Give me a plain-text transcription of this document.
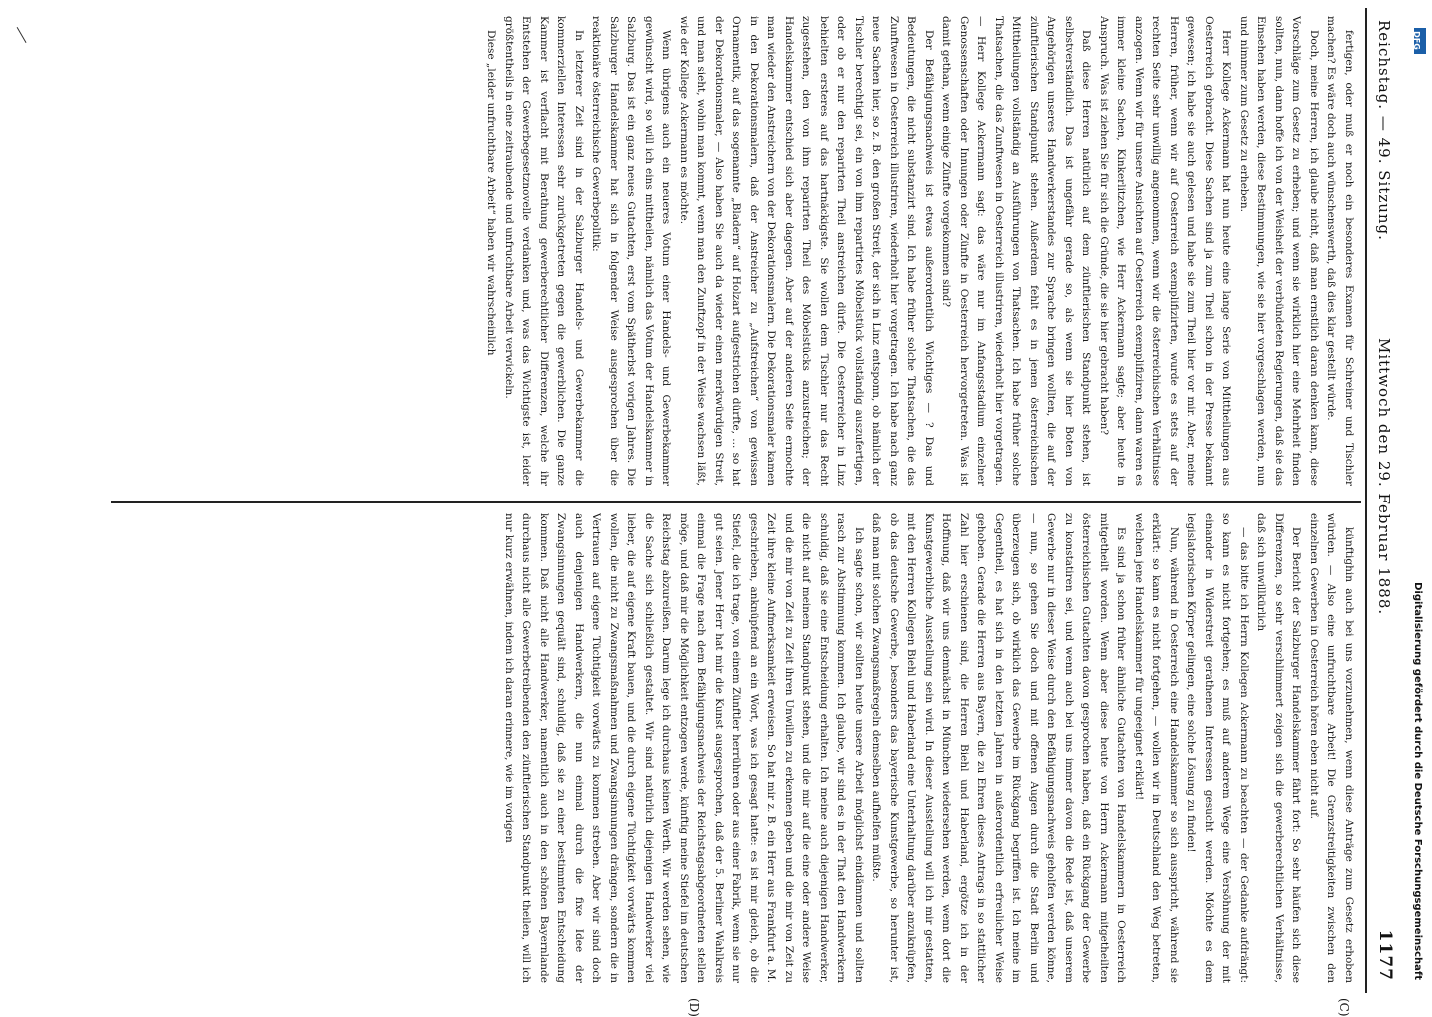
Reichstag. — 49. Sitzung.
Mittwoch den 29. Februar 1888.
1177
(C)
(D)

fertigen, oder muß er noch ein besonderes Examen für Schreiner und Tischler machen? Es wäre doch auch wünschenswerth, daß dies klar gestellt würde.

Doch, meine Herren, ich glaube nicht, daß man ernstlich daran denken kann, diese Vorschläge zum Gesetz zu erheben; und wenn sie wirklich hier eine Mehrheit finden sollten, nun, dann hoffe ich von der Weisheit der verbündeten Regierungen, daß sie das Einsehen haben werden, diese Bestimmungen, wie sie hier vorgeschlagen werden, nun und nimmer zum Gesetz zu erheben.

Herr Kollege Ackermann hat nun heute eine lange Serie von Mittheilungen aus Oesterreich gebracht. Diese Sachen sind ja zum Theil schon in der Presse bekannt gewesen; ich habe sie auch gelesen und habe sie zum Theil hier vor mir. Aber, meine Herren, früher, wenn wir auf Oesterreich exemplifizirten, wurde es stets auf der rechten Seite sehr unwillig angenommen, wenn wir die österreichischen Verhältnisse anzogen. Wenn wir für unsere Ansichten auf Oesterreich exemplifiziren, dann waren es immer kleine Sachen, Kinkerlitzchen, wie Herr Ackermann sagte; aber heute in Anspruch. Was ist ziehen Sie für sich die Gründe, die sie hier gebracht haben?

Daß diese Herren natürlich auf dem zünftlerischen Standpunkt stehen, ist selbstverständlich. Das ist ungefähr gerade so, als wenn sie hier Boten von Angehörigen unseres Handwerkerstandes zur Sprache bringen wollten, die auf der zünftlerischen Standpunkt stehen. Außerdem fehlt es in jenen österreichischen Mittheilungen vollständig an Ausführungen von Thatsachen. Ich habe früher solche Thatsachen, die das Zunftwesen in Oesterreich illustriren, wiederholt hier vorgetragen. — Herr Kollege Ackermann sagt: das wäre nur im Anfangsstadium einzelner Genossenschaften oder Innungen oder Zünfte in Oesterreich hervorgetreten. Was ist damit gethan, wenn einige Zünfte vorgekommen sind?

Der Befähigungsnachweis ist etwas außerordentlich Wichtiges — ? Das und Bedeutungen, die nicht substanzirt sind. Ich habe früher solche Thatsachen, die das Zunftwesen in Oesterreich illustriren, wiederholt hier vorgetragen. Ich habe nach ganz neue Sachen hier, so z. B. den großen Streit, der sich in Linz entsponn, ob nämlich der Tischler berechtigt sei, ein von ihm repartirtes Möbelstück vollständig auszufertigen, oder ob er nur den reparirten Theil anstreichen dürfe. Die Oesterreicher in Linz behielten ersteres auf das hartnäckigste. Sie wollen dem Tischler nur das Recht zugestehen, den von ihm reparirten Theil des Möbelstücks anzustreichen; der Handelskammer entschied sich aber dagegen. Aber auf der anderen Seite ermochte man wieder den Anstreichern von der Dekorationsmalern. Die Dekorationsmaler kamen in den Dekorationsmalern, daß der Anstreicher zu „Aufstreichen“ von gewissen Ornamentik, auf das sogenannte „Bladern“ auf Holzart aufgestrichen dürfte, ... so hat der Dekorationsmaler, — Also haben Sie auch da wieder einen merkwürdigen Streit, und man sieht, wohin man kommt, wenn man den Zunftzopf in der Weise wachsen läßt, wie der Kollege Ackermann es möchte.

Wenn übrigens auch ein neueres Votum einer Handels- und Gewerbekammer gewünscht wird, so will ich eins mittheilen, nämlich das Votum der Handelskammer in Salzburg. Das ist ein ganz neues Gutachten, erst vom Spätherbst vorigen Jahres. Die Salzburger Handelskammer hat sich in folgender Weise ausgesprochen über die reaktionäre österreichische Gewerbepolitik:

In letzterer Zeit sind in der Salzburger Handels- und Gewerbekammer die kommerziellen Interessen sehr zurückgetreten gegen die gewerblichen. Die ganze Kammer ist verflacht mit Berathung gewerberechtlicher Differenzen, welche ihr Entstehen der Gewerbegesetznovelle verdanken und, was das Wichtigste ist, leider größtentheils in eine zeitraubende und unfruchtbare Arbeit verwickeln.

Diese „leider unfruchtbare Arbeit“ haben wir wahrscheinlich

künftighin auch bei uns vorzunehmen, wenn diese Anträge zum Gesetz erhoben würden. — Also eine unfruchtbare Arbeit! Die Grenzstreitigkeiten zwischen den einzelnen Gewerben in Oesterreich hören eben nicht auf.

Der Bericht der Salzburger Handelskammer fährt fort: So sehr häufen sich diese Differenzen, so sehr verschlimmert zeigen sich die gewerberechtlichen Verhältnisse, daß sich unwillkürlich

— das bitte ich Herrn Kollegen Ackermann zu beachten — der Gedanke aufdrängt: so kann es nicht fortgehen; es muß auf anderem Wege eine Versöhnung der mit einander in Widerstreit gerathenen Interessen gesucht werden. Möchte es dem legislatorischen Körper gelingen, eine solche Lösung zu finden!

Nun, während in Oesterreich eine Handelskammer so sich ausspricht, während sie erklärt: so kann es nicht fortgehen, — wollen wir in Deutschland den Weg betreten, welchen jene Handelskammer für ungeeignet erklärt!

Es sind ja schon früher ähnliche Gutachten von Handelskammern in Oesterreich mitgetheilt worden. Wenn aber diese heute von Herrn Ackermann mitgetheilten österreichischen Gutachten davon gesprochen haben, daß ein Rückgang der Gewerbe zu konstatiren sei, und wenn auch bei uns immer davon die Rede ist, daß unserem Gewerbe nur in dieser Weise durch den Befähigungsnachweis geholfen werden könne, — nun, so gehen Sie doch und mit offenen Augen durch die Stadt Berlin und überzeugen sich, ob wirklich das Gewerbe im Rückgang begriffen ist. Ich meine im Gegentheil, es hat sich in den letzten Jahren in außerordentlich erfreulicher Weise gehoben. Gerade die Herren aus Bayern, die zu Ehren dieses Antrags in so stattlicher Zahl hier erschienen sind, die Herren Biehl und Haberland, ergötze ich in der Hoffnung, daß wir uns demnächst in München wiedersehen werden, wenn dort die Kunstgewerbliche Ausstellung sein wird. In dieser Ausstellung will ich mir gestatten, mit den Herren Kollegen Biehl und Haberland eine Unterhaltung darüber anzuknüpfen, ob das deutsche Gewerbe, besonders das bayerische Kunstgewerbe, so herunter ist, daß man mit solchen Zwangsmaßregeln demselben aufhelfen müßte.

Ich sagte schon, wir sollten heute unsere Arbeit möglichst eindämmen und sollten rasch zur Abstimmung kommen. Ich glaube, wir sind es in der That den Handwerkern schuldig, daß sie eine Entscheidung erhalten. Ich meine auch diejenigen Handwerker, die nicht auf meinem Standpunkt stehen, und die mir auf die eine oder andere Weise und die mir von Zeit zu Zeit ihren Unwillen zu erkennen geben und die mir von Zeit zu Zeit ihre kleine Aufmerksamkeit erweisen. So hat mir z. B. ein Herr aus Frankfurt a. M. geschrieben, anknüpfend an ein Wort, was ich gesagt hatte: es ist mir gleich, ob die Stiefel, die ich trage, von einem Zünftler herrühren oder aus einer Fabrik, wenn sie nur gut seien. Jener Herr hat mir die Kunst ausgesprochen, daß der 5. Berliner Wahlkreis einmal die Frage nach dem Befähigungsnachweis der Reichstagsabgeordneten stellen möge, und daß mir die Möglichkeit entzogen werde, künftig meine Stiefel im deutschen Reichstag abzureißen. Darum lege ich durchaus keinen Werth. Wir werden sehen, wie die Sache sich schließlich gestaltet. Wir sind natürlich diejenigen Handwerker viel lieber, die auf eigene Kraft bauen, und die durch eigene Tüchtigkeit vorwärts kommen wollen, die nicht zu Zwangsmaßnahmen und Zwangsinnungen drängen, sondern die in Vertrauen auf eigene Tüchtigkeit vorwärts zu kommen streben. Aber wir sind doch auch denjenigen Handwerkern, die nun einmal durch die fixe Idee der Zwangsinnungen gequält sind, schuldig, daß sie zu einer bestimmten Entscheidung kommen. Daß nicht alle Handwerker, namentlich auch in den schönen Bayernlande durchaus nicht alle Gewerbetreibenden den zünftlerischen Standpunkt theilen, will ich nur kurz erwähnen, indem ich daran erinnere, wie im vorigen	Digitalisierung gefördert durch die Deutsche Forschungsgemeinschaft
DFG
